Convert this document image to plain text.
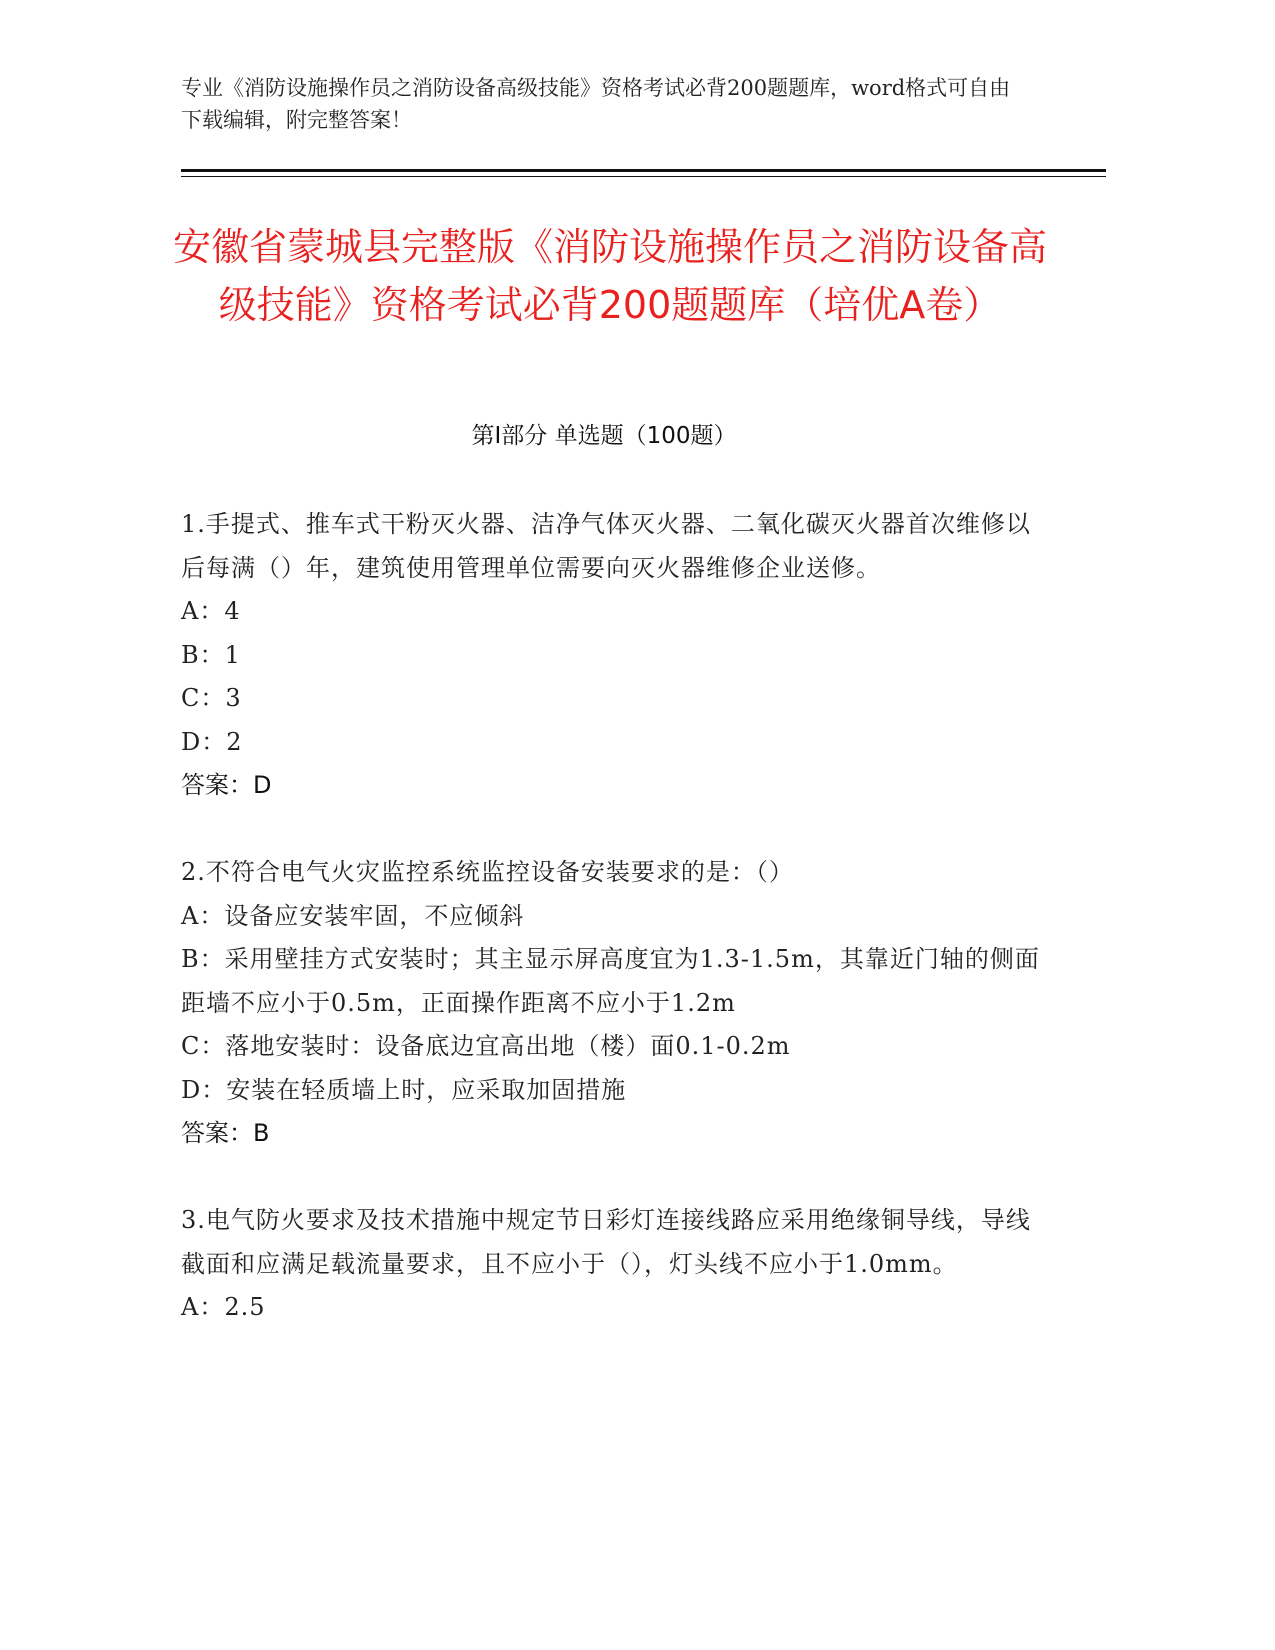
专业《消防设施操作员之消防设备高级技能》资格考试必背200题题库，word格式可自由下载编辑，附完整答案！
安徽省蒙城县完整版《消防设施操作员之消防设备高级技能》资格考试必背200题题库（培优A卷）
第Ⅰ部分 单选题（100题）

1.手提式、推车式干粉灭火器、洁净气体灭火器、二氧化碳灭火器首次维修以后每满（）年，建筑使用管理单位需要向灭火器维修企业送修。

A：4

B：1

C：3

D：2

答案：D

2.不符合电气火灾监控系统监控设备安装要求的是：（）

A：设备应安装牢固，不应倾斜

B：采用壁挂方式安装时；其主显示屏高度宜为1.3-1.5m，其靠近门轴的侧面距墙不应小于0.5m，正面操作距离不应小于1.2m

C：落地安装时：设备底边宜高出地（楼）面0.1-0.2m

D：安装在轻质墙上时，应采取加固措施

答案：B

3.电气防火要求及技术措施中规定节日彩灯连接线路应采用绝缘铜导线，导线截面和应满足载流量要求，且不应小于（），灯头线不应小于1.0mm。

A：2.5
